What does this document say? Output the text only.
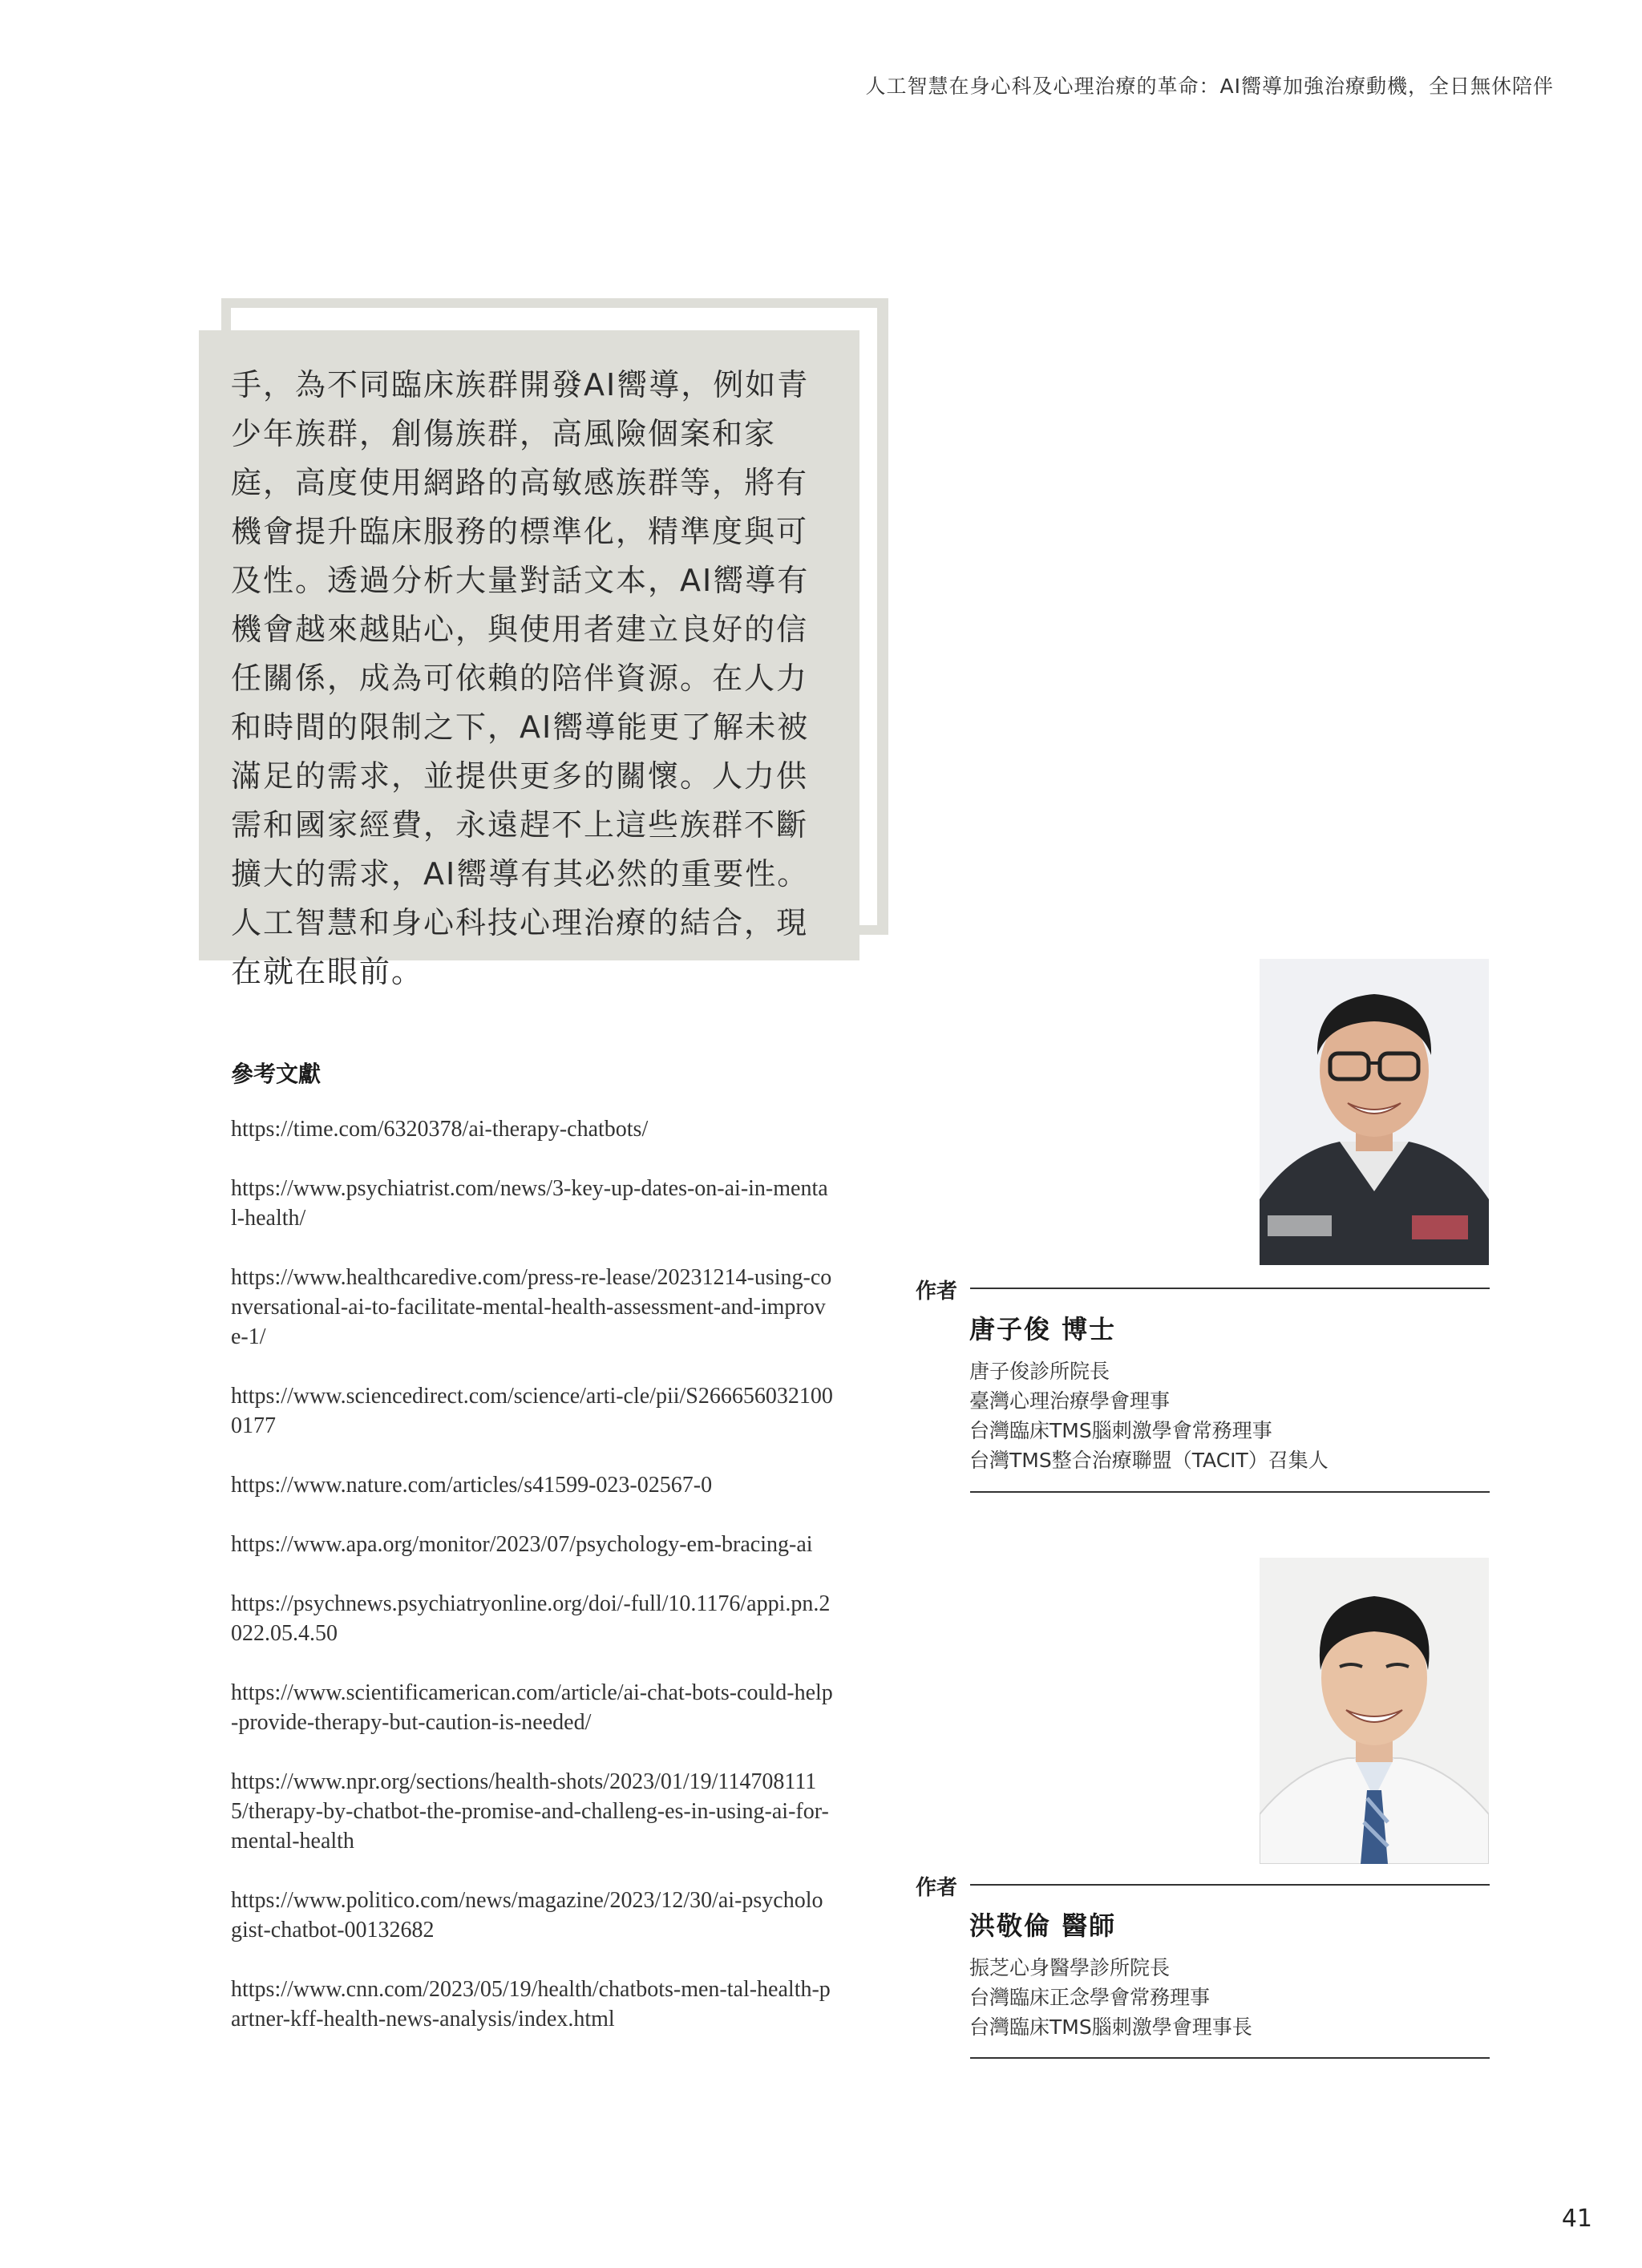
人工智慧在身心科及心理治療的革命：AI嚮導加強治療動機，全日無休陪伴

手，為不同臨床族群開發AI嚮導，例如青少年族群，創傷族群，高風險個案和家庭，高度使用網路的高敏感族群等，將有機會提升臨床服務的標準化，精準度與可及性。透過分析大量對話文本，AI嚮導有機會越來越貼心，與使用者建立良好的信任關係，成為可依賴的陪伴資源。在人力和時間的限制之下，AI嚮導能更了解未被滿足的需求，並提供更多的關懷。人力供需和國家經費，永遠趕不上這些族群不斷擴大的需求，AI嚮導有其必然的重要性。人工智慧和身心科技心理治療的結合，現在就在眼前。

參考文獻
https://time.com/6320378/ai-therapy-chatbots/
https://www.psychiatrist.com/news/3-key-up-dates-on-ai-in-mental-health/
https://www.healthcaredive.com/press-re-lease/20231214-using-conversational-ai-to-facilitate-mental-health-assessment-and-improve-1/
https://www.sciencedirect.com/science/arti-cle/pii/S2666560321000177
https://www.nature.com/articles/s41599-023-02567-0
https://www.apa.org/monitor/2023/07/psychology-em-bracing-ai
https://psychnews.psychiatryonline.org/doi/-full/10.1176/appi.pn.2022.05.4.50
https://www.scientificamerican.com/article/ai-chat-bots-could-help-provide-therapy-but-caution-is-needed/
https://www.npr.org/sections/health-shots/2023/01/19/1147081115/therapy-by-chatbot-the-promise-and-challeng-es-in-using-ai-for-mental-health
https://www.politico.com/news/magazine/2023/12/30/ai-psychologist-chatbot-00132682
https://www.cnn.com/2023/05/19/health/chatbots-men-tal-health-partner-kff-health-news-analysis/index.html
作者
唐子俊 博士
唐子俊診所院長
臺灣心理治療學會理事
台灣臨床TMS腦刺激學會常務理事
台灣TMS整合治療聯盟（TACIT）召集人
作者
洪敬倫 醫師
振芝心身醫學診所院長
台灣臨床正念學會常務理事
台灣臨床TMS腦刺激學會理事長
41
